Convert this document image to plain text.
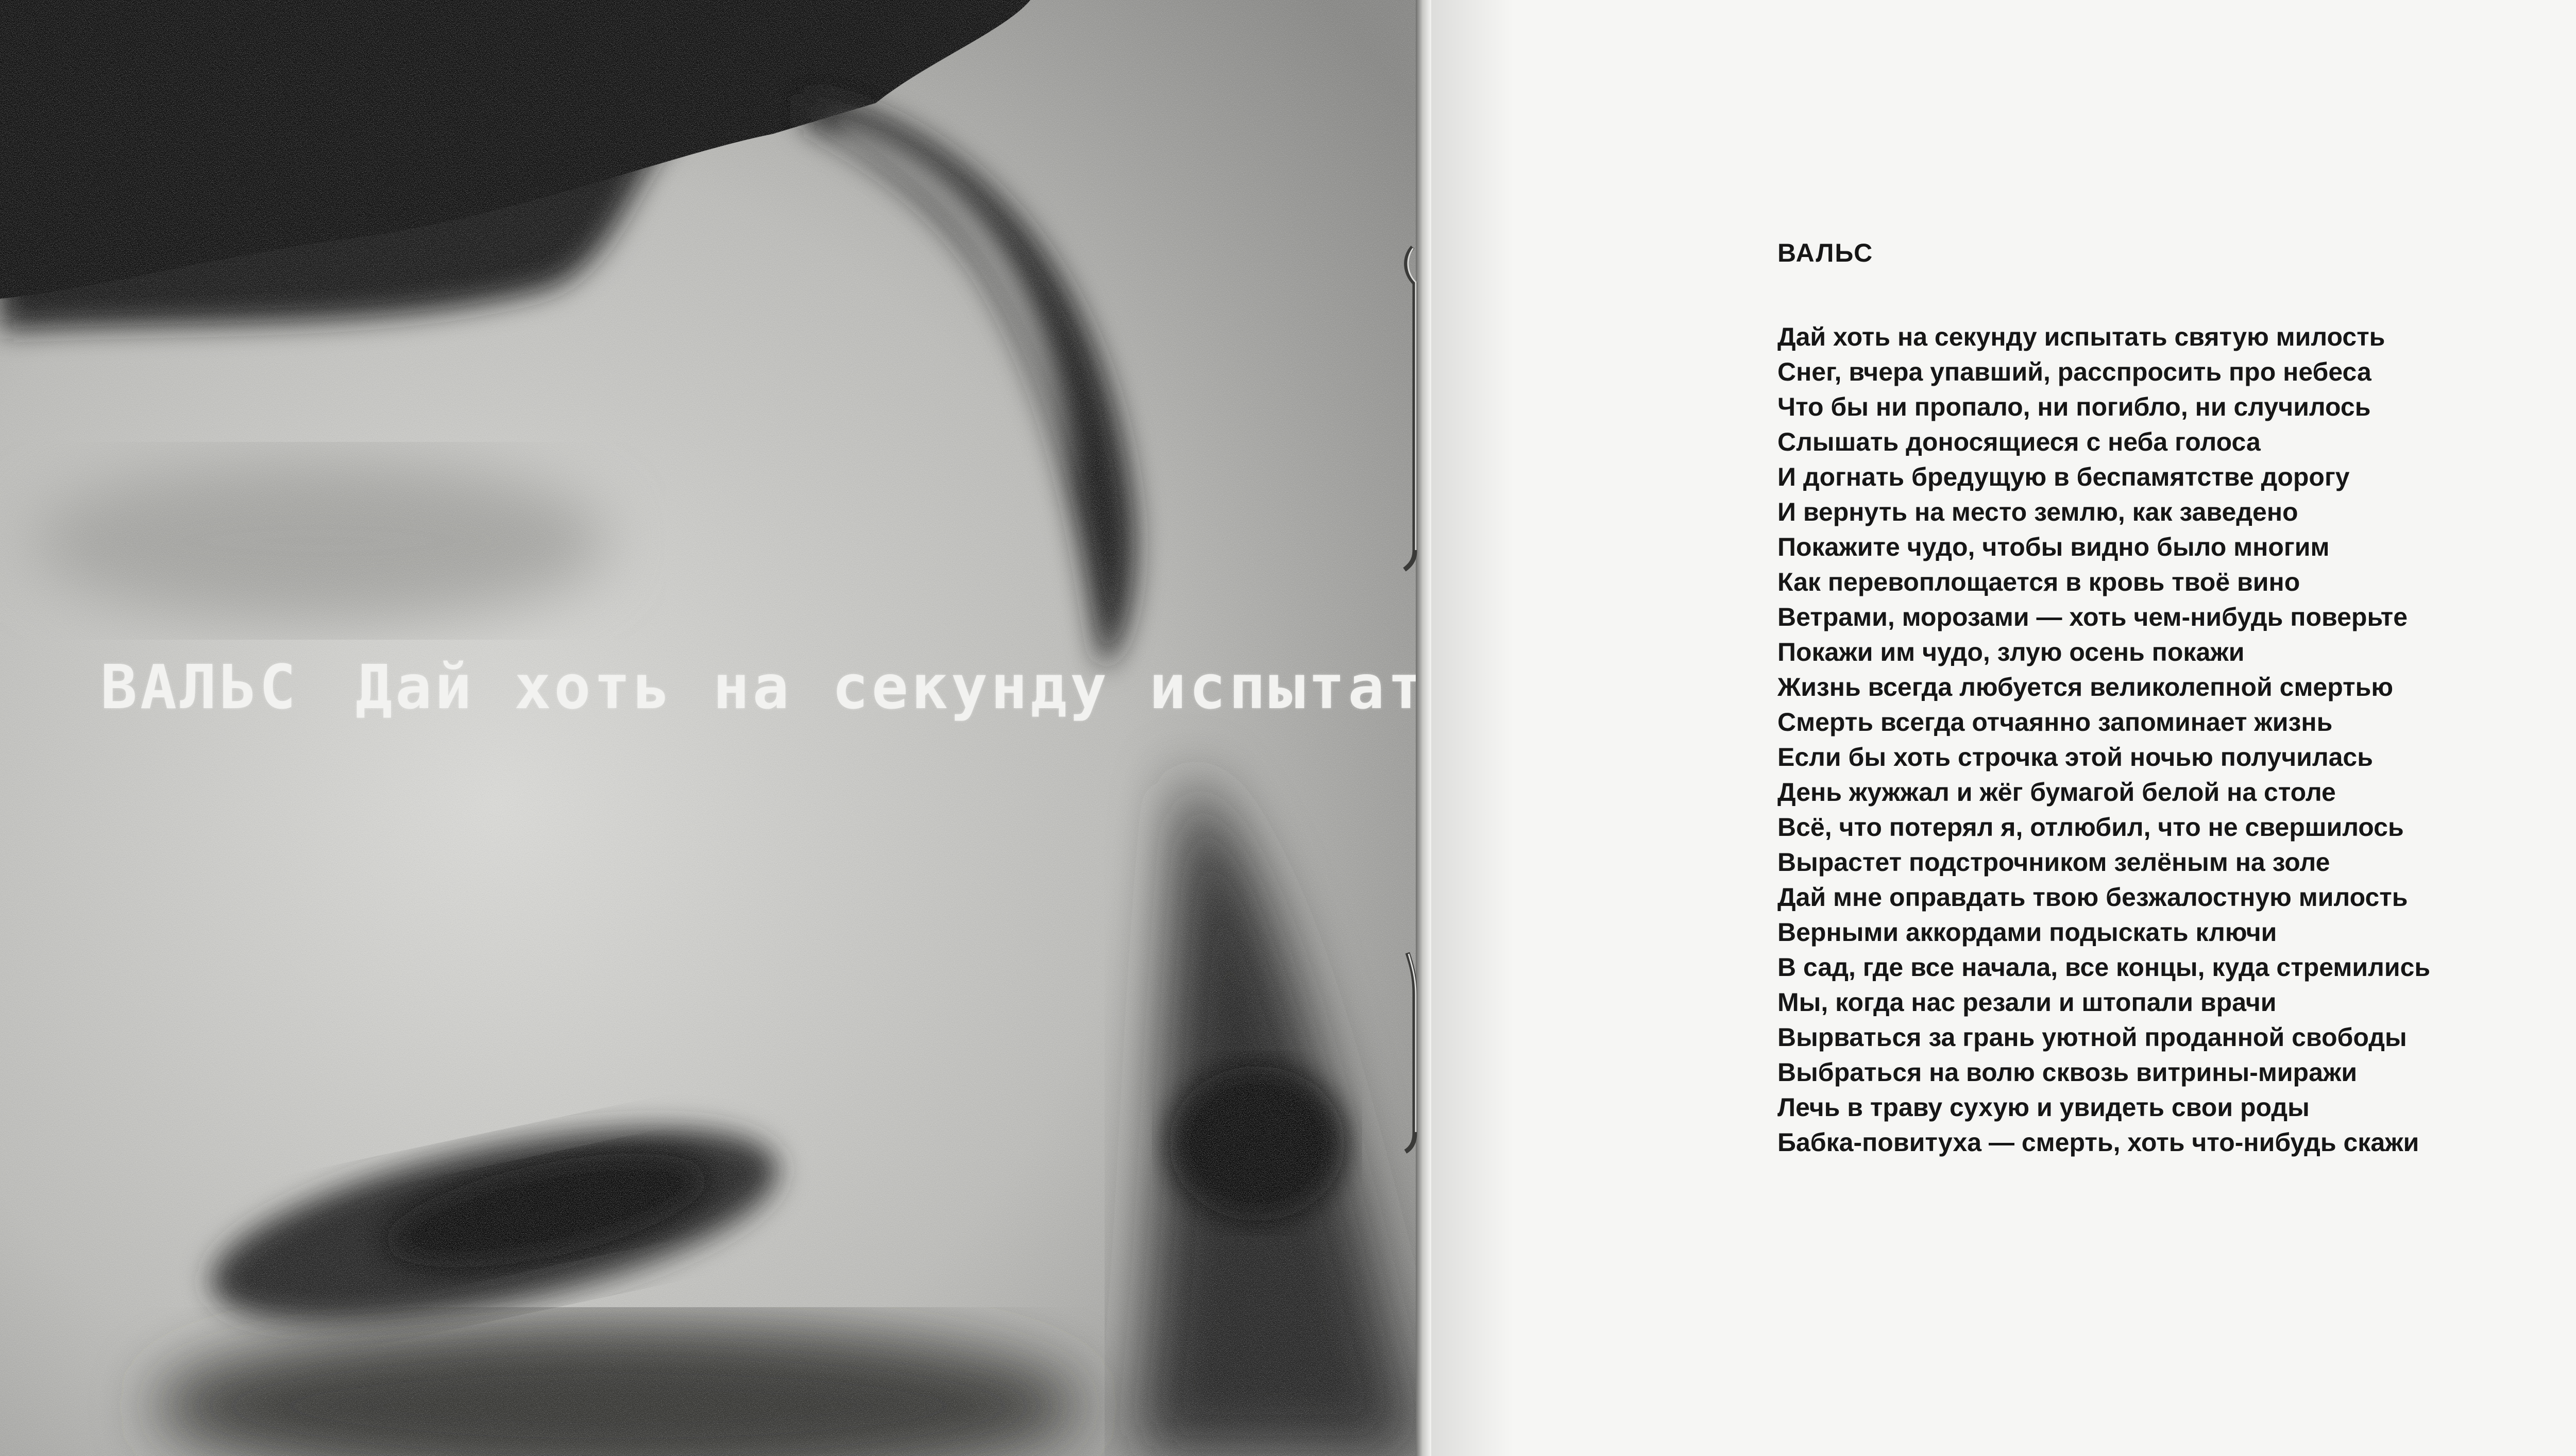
ВАЛЬС Дай хоть на секунду испытать
ВАЛЬС
Дай хоть на секунду испытать святую милость
Снег, вчера упавший, расспросить про небеса
Что бы ни пропало, ни погибло, ни случилось
Слышать доносящиеся с неба голоса
И догнать бредущую в беспамятстве дорогу
И вернуть на место землю, как заведено
Покажите чудо, чтобы видно было многим
Как перевоплощается в кровь твоё вино
Ветрами, морозами — хоть чем-нибудь поверьте
Покажи им чудо, злую осень покажи
Жизнь всегда любуется великолепной смертью
Смерть всегда отчаянно запоминает жизнь
Если бы хоть строчка этой ночью получилась
День жужжал и жёг бумагой белой на столе
Всё, что потерял я, отлюбил, что не свершилось
Вырастет подстрочником зелёным на золе
Дай мне оправдать твою безжалостную милость
Верными аккордами подыскать ключи
В сад, где все начала, все концы, куда стремились
Мы, когда нас резали и штопали врачи
Вырваться за грань уютной проданной свободы
Выбраться на волю сквозь витрины-миражи
Лечь в траву сухую и увидеть свои роды
Бабка-повитуха — смерть, хоть что-нибудь скажи
